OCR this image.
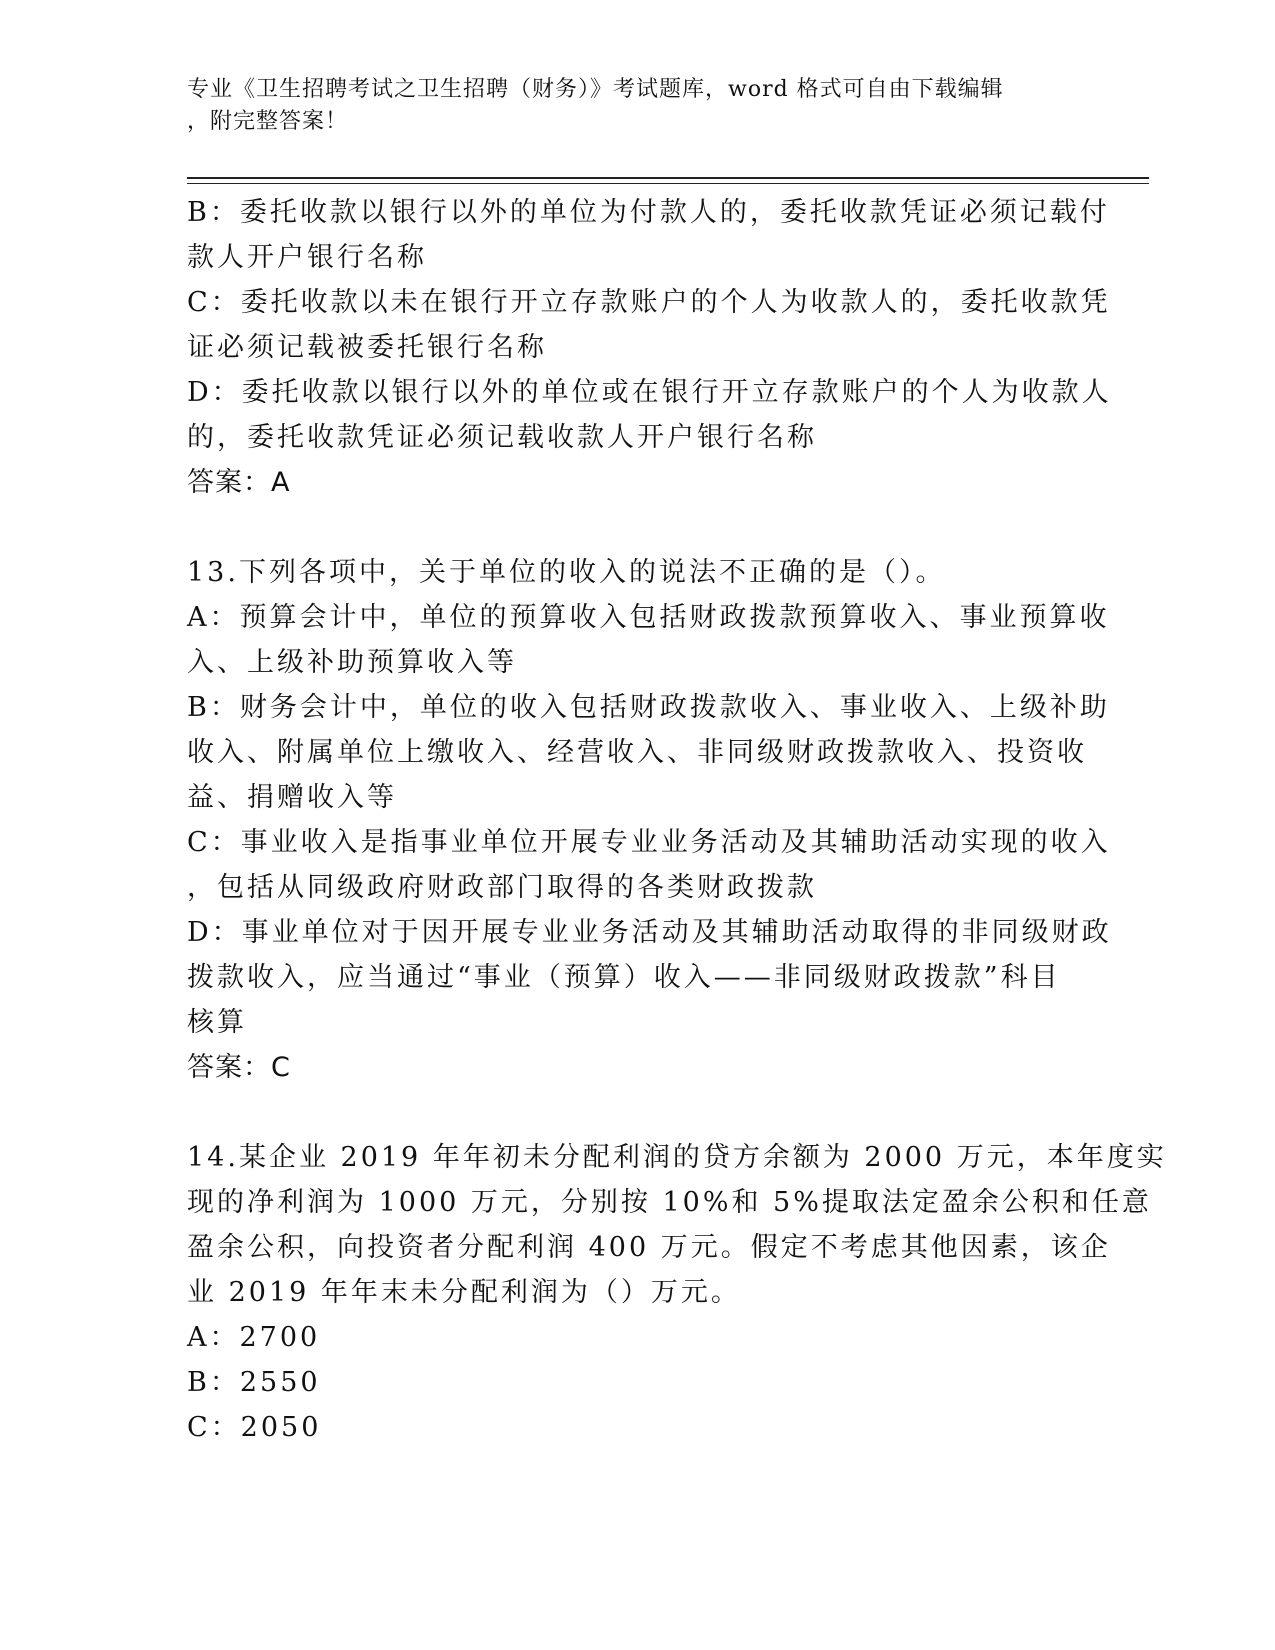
专业《卫生招聘考试之卫生招聘（财务）》考试题库，word 格式可自由下载编辑
，附完整答案！
B：委托收款以银行以外的单位为付款人的，委托收款凭证必须记载付
款人开户银行名称
C：委托收款以未在银行开立存款账户的个人为收款人的，委托收款凭
证必须记载被委托银行名称
D：委托收款以银行以外的单位或在银行开立存款账户的个人为收款人
的，委托收款凭证必须记载收款人开户银行名称
答案：A
13.下列各项中，关于单位的收入的说法不正确的是（）。
A：预算会计中，单位的预算收入包括财政拨款预算收入、事业预算收
入、上级补助预算收入等
B：财务会计中，单位的收入包括财政拨款收入、事业收入、上级补助
收入、附属单位上缴收入、经营收入、非同级财政拨款收入、投资收
益、捐赠收入等
C：事业收入是指事业单位开展专业业务活动及其辅助活动实现的收入
，包括从同级政府财政部门取得的各类财政拨款
D：事业单位对于因开展专业业务活动及其辅助活动取得的非同级财政
拨款收入，应当通过“事业（预算）收入——非同级财政拨款”科目
核算
答案：C
14.某企业 2019 年年初未分配利润的贷方余额为 2000 万元，本年度实
现的净利润为 1000 万元，分别按 10%和 5%提取法定盈余公积和任意
盈余公积，向投资者分配利润 400 万元。假定不考虑其他因素，该企
业 2019 年年末未分配利润为（）万元。
A：2700
B：2550
C：2050
